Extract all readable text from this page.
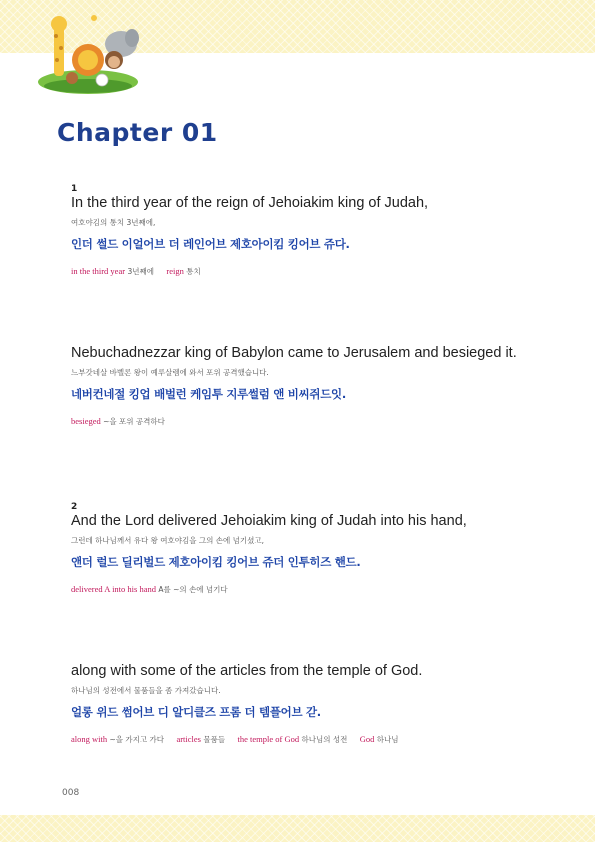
Chapter 01
1
In the third year of the reign of Jehoiakim king of Judah,
여호야김의 통치 3년째에,
인더 썰드 이얼어브 더 레인어브 제호아이킴 킹어브 쥬다.
in the third year 3년째에 reign 통치
Nebuchadnezzar king of Babylon came to Jerusalem and besieged it.
느부갓네살 바벨론 왕이 예루살렘에 와서 포위 공격했습니다.
네버컨네절 킹업 배벌런 케임투 지루썰럼 앤 비씨쥐드잇.
besieged ~을 포위 공격하다
2
And the Lord delivered Jehoiakim king of Judah into his hand,
그런데 하나님께서 유다 왕 여호야김을 그의 손에 넘기셨고,
앤더 럴드 딜리벌드 제호아이킴 킹어브 쥬더 인투히즈 핸드.
delivered A into his hand A를 ~의 손에 넘기다
along with some of the articles from the temple of God.
하나님의 성전에서 물품들을 좀 가져갔습니다.
얼롱 위드 썸어브 디 알디클즈 프롬 더 템플어브 갇.
along with ~을 가지고 가다 articles 물품들 the temple of God 하나님의 성전 God 하나님
008
